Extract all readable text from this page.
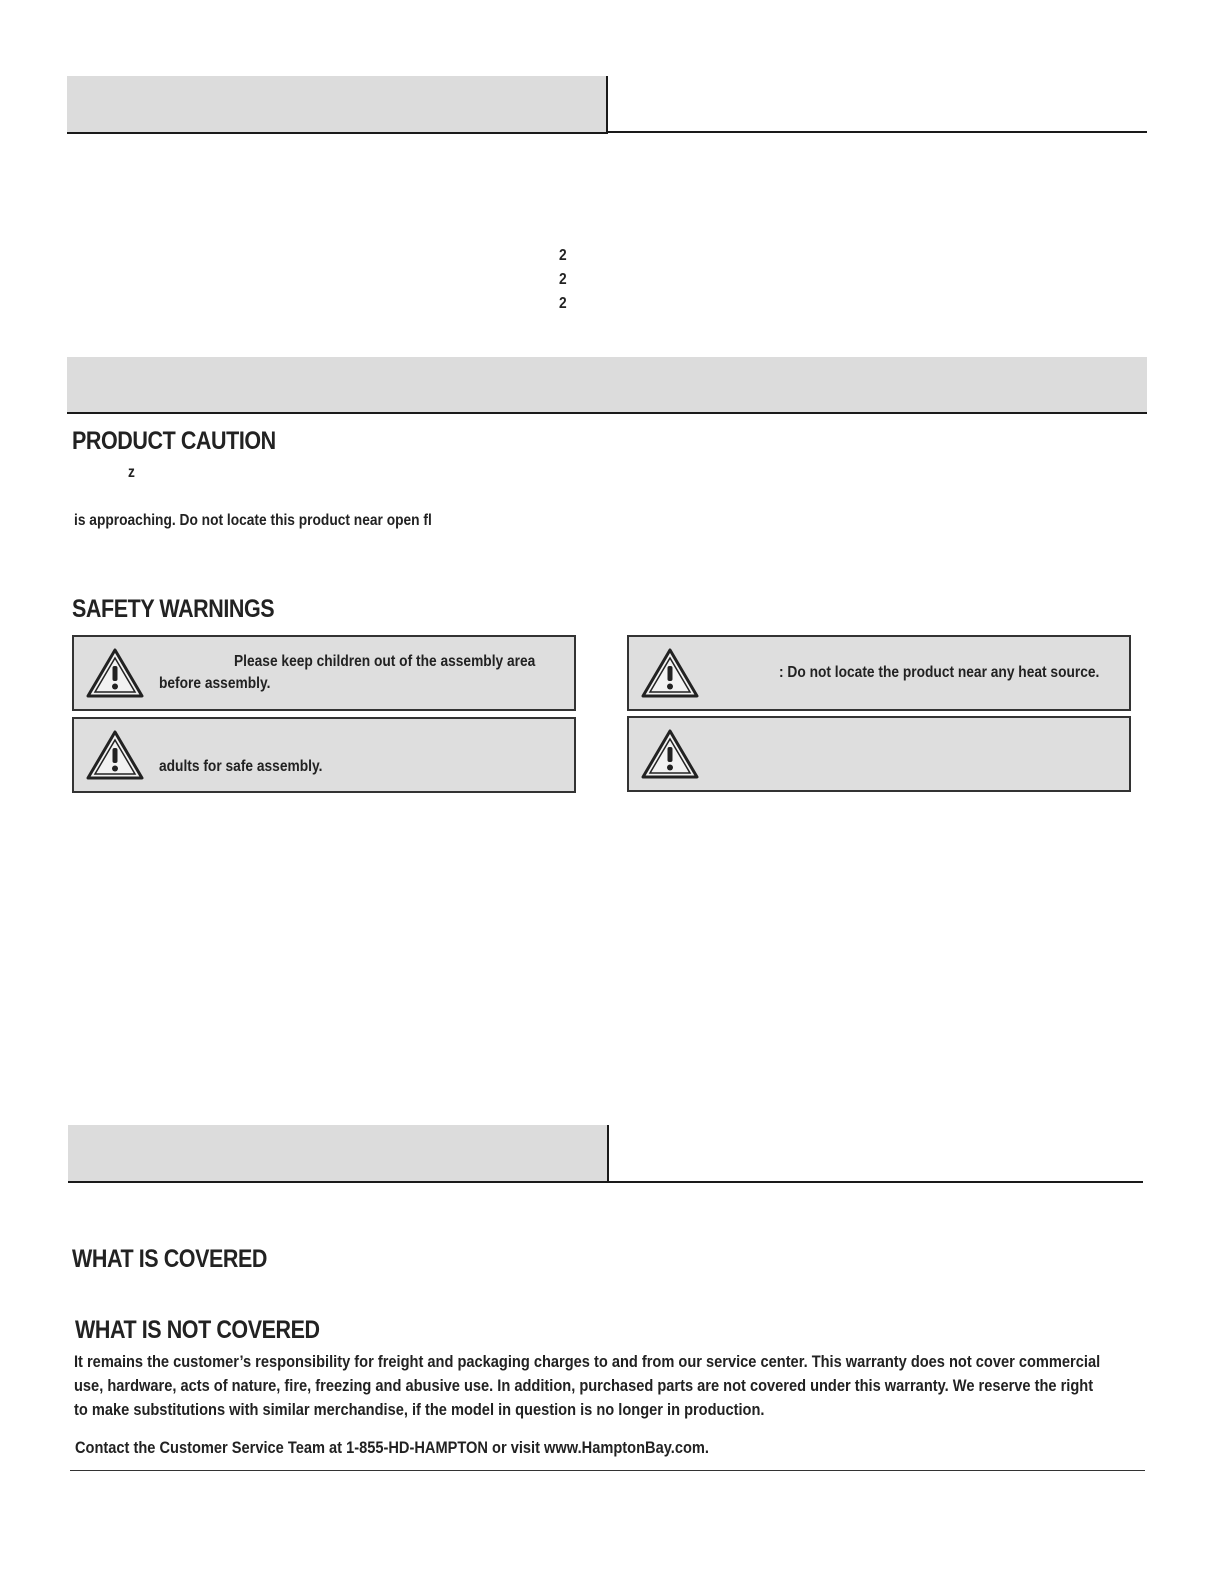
2
2
2
PRODUCT CAUTION
z
is approaching. Do not locate this product near open fl
SAFETY WARNINGS
Please keep children out of the assembly area
before assembly.
: Do not locate the product near any heat source.
adults for safe assembly.
WHAT IS COVERED
WHAT IS NOT COVERED

It remains the customer’s responsibility for freight and packaging charges to and from our service center. This warranty does not cover commercial

use, hardware, acts of nature, fire, freezing and abusive use. In addition, purchased parts are not covered under this warranty. We reserve the right

to make substitutions with similar merchandise, if the model in question is no longer in production.

Contact the Customer Service Team at 1-855-HD-HAMPTON or visit www.HamptonBay.com.
